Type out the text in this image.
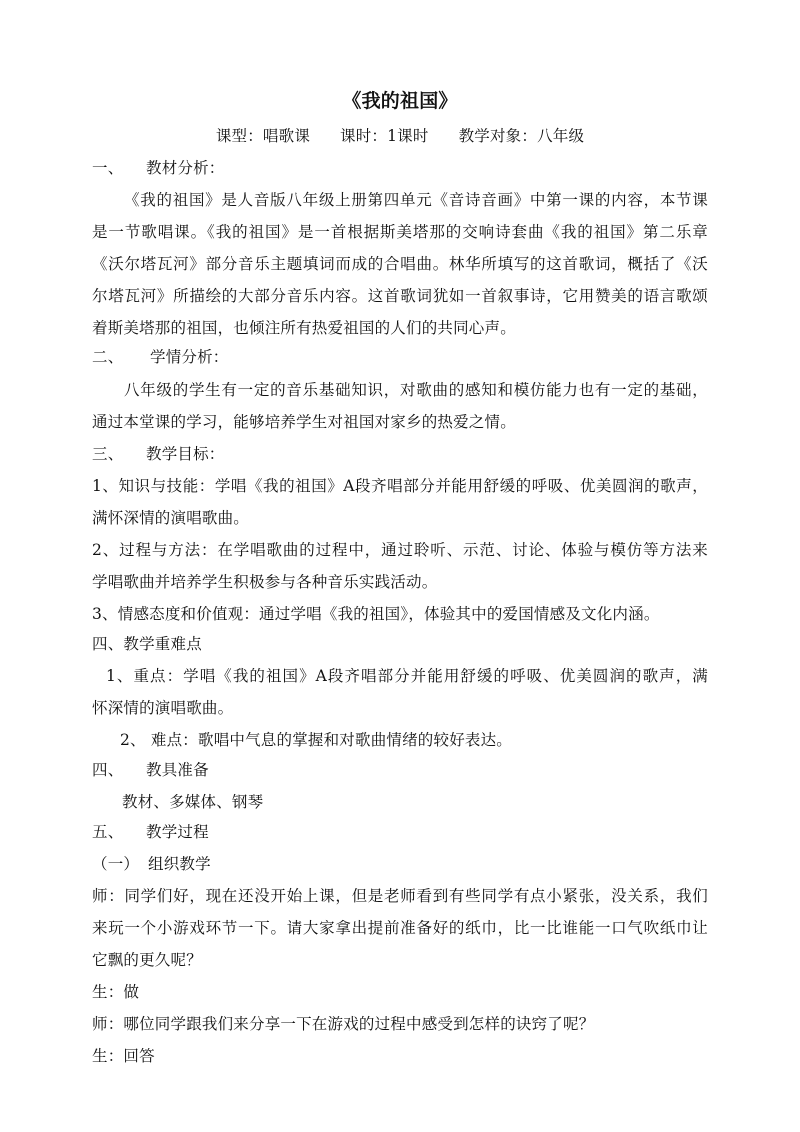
《我的祖国》
课型：唱歌课 课时：1课时 教学对象：八年级
一、 教材分析：
《我的祖国》是人音版八年级上册第四单元《音诗音画》中第一课的内容，本节课
是一节歌唱课。《我的祖国》是一首根据斯美塔那的交响诗套曲《我的祖国》第二乐章
《沃尔塔瓦河》部分音乐主题填词而成的合唱曲。林华所填写的这首歌词，概括了《沃
尔塔瓦河》所描绘的大部分音乐内容。这首歌词犹如一首叙事诗，它用赞美的语言歌颂
着斯美塔那的祖国，也倾注所有热爱祖国的人们的共同心声。
二、 学情分析：
八年级的学生有一定的音乐基础知识，对歌曲的感知和模仿能力也有一定的基础，
通过本堂课的学习，能够培养学生对祖国对家乡的热爱之情。
三、 教学目标：
1、知识与技能：学唱《我的祖国》A段齐唱部分并能用舒缓的呼吸、优美圆润的歌声，
满怀深情的演唱歌曲。
2、过程与方法：在学唱歌曲的过程中，通过聆听、示范、讨论、体验与模仿等方法来
学唱歌曲并培养学生积极参与各种音乐实践活动。
3、情感态度和价值观：通过学唱《我的祖国》，体验其中的爱国情感及文化内涵。
四、教学重难点
1、重点：学唱《我的祖国》A段齐唱部分并能用舒缓的呼吸、优美圆润的歌声，满
怀深情的演唱歌曲。
2、 难点：歌唱中气息的掌握和对歌曲情绪的较好表达。
四、 教具准备
教材、多媒体、钢琴
五、 教学过程
（一） 组织教学
师：同学们好，现在还没开始上课，但是老师看到有些同学有点小紧张，没关系，我们
来玩一个小游戏环节一下。请大家拿出提前准备好的纸巾，比一比谁能一口气吹纸巾让
它飘的更久呢？
生：做
师：哪位同学跟我们来分享一下在游戏的过程中感受到怎样的诀窍了呢？
生：回答
